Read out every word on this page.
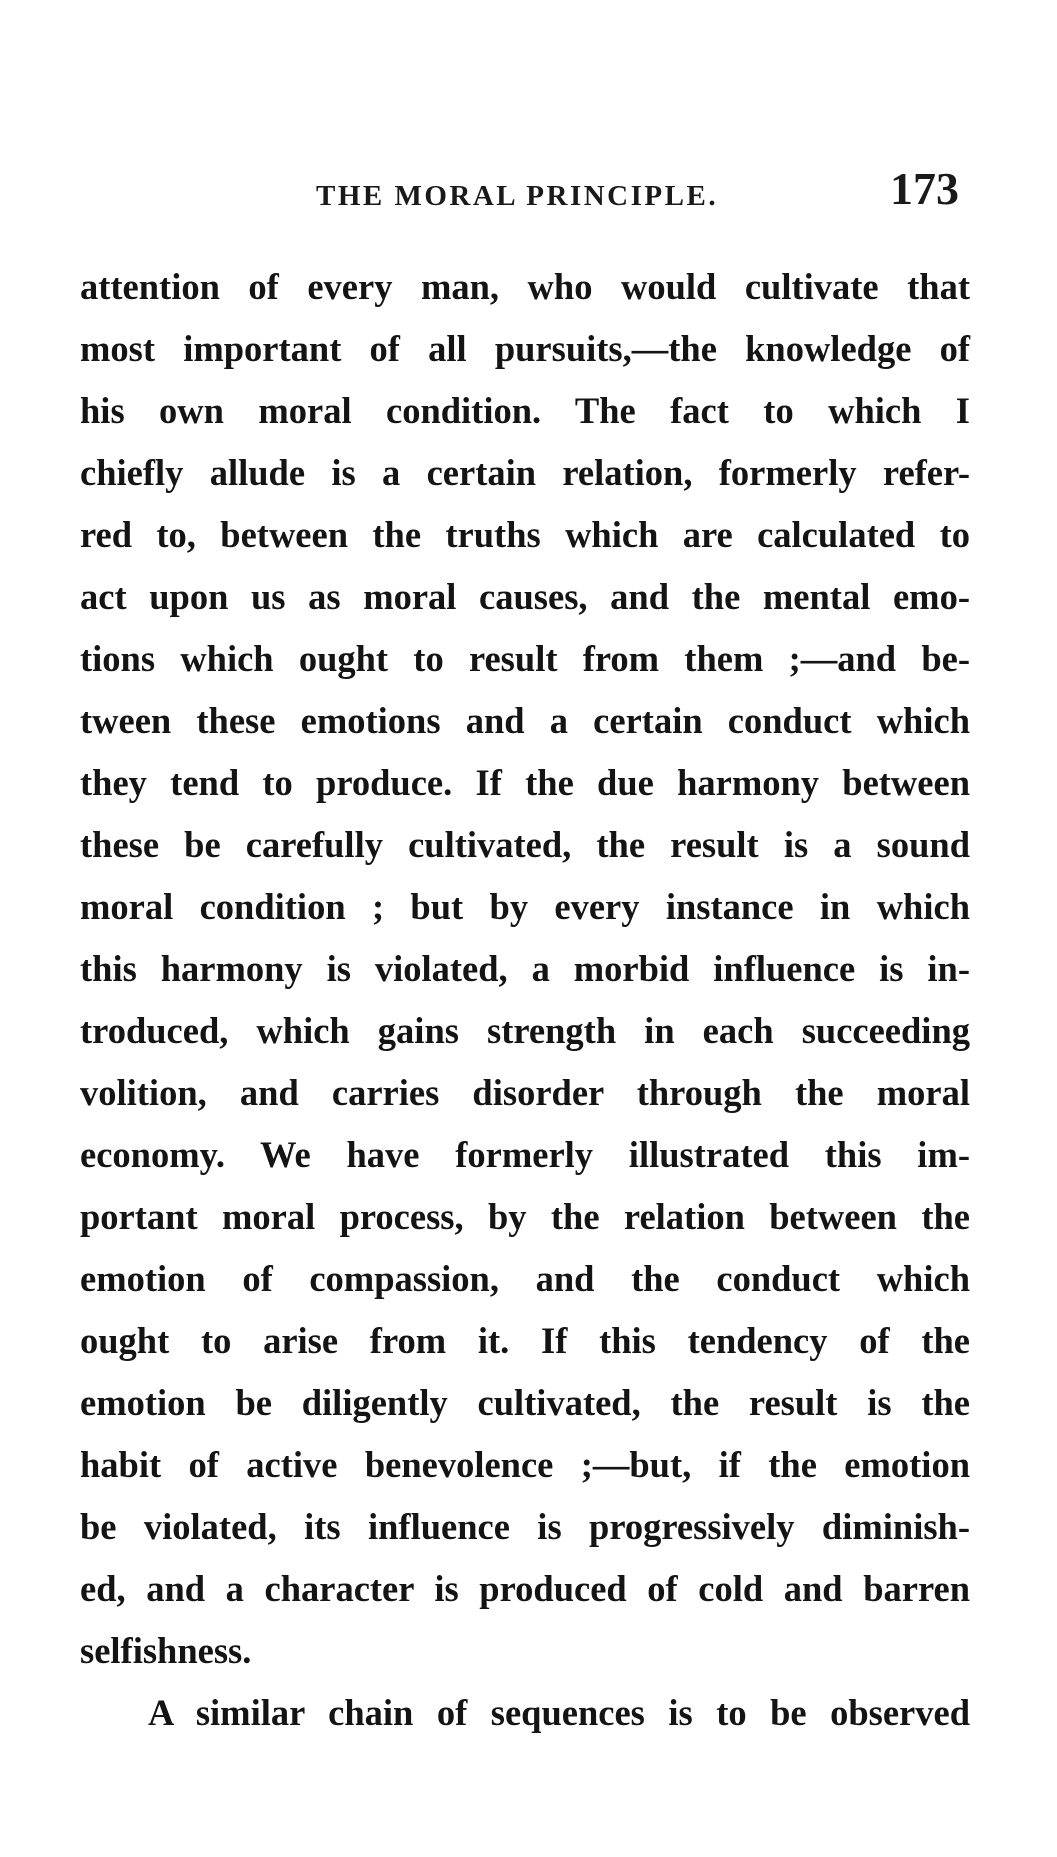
THE MORAL PRINCIPLE.	173
attention of every man, who would cultivate that
most important of all pursuits,—the knowledge of
his own moral condition. The fact to which I
chiefly allude is a certain relation, formerly refer-
red to, between the truths which are calculated to
act upon us as moral causes, and the mental emo-
tions which ought to result from them ;—and be-
tween these emotions and a certain conduct which
they tend to produce. If the due harmony between
these be carefully cultivated, the result is a sound
moral condition ; but by every instance in which
this harmony is violated, a morbid influence is in-
troduced, which gains strength in each succeeding
volition, and carries disorder through the moral
economy. We have formerly illustrated this im-
portant moral process, by the relation between the
emotion of compassion, and the conduct which
ought to arise from it. If this tendency of the
emotion be diligently cultivated, the result is the
habit of active benevolence ;—but, if the emotion
be violated, its influence is progressively diminish-
ed, and a character is produced of cold and barren
selfishness.
A similar chain of sequences is to be observed
